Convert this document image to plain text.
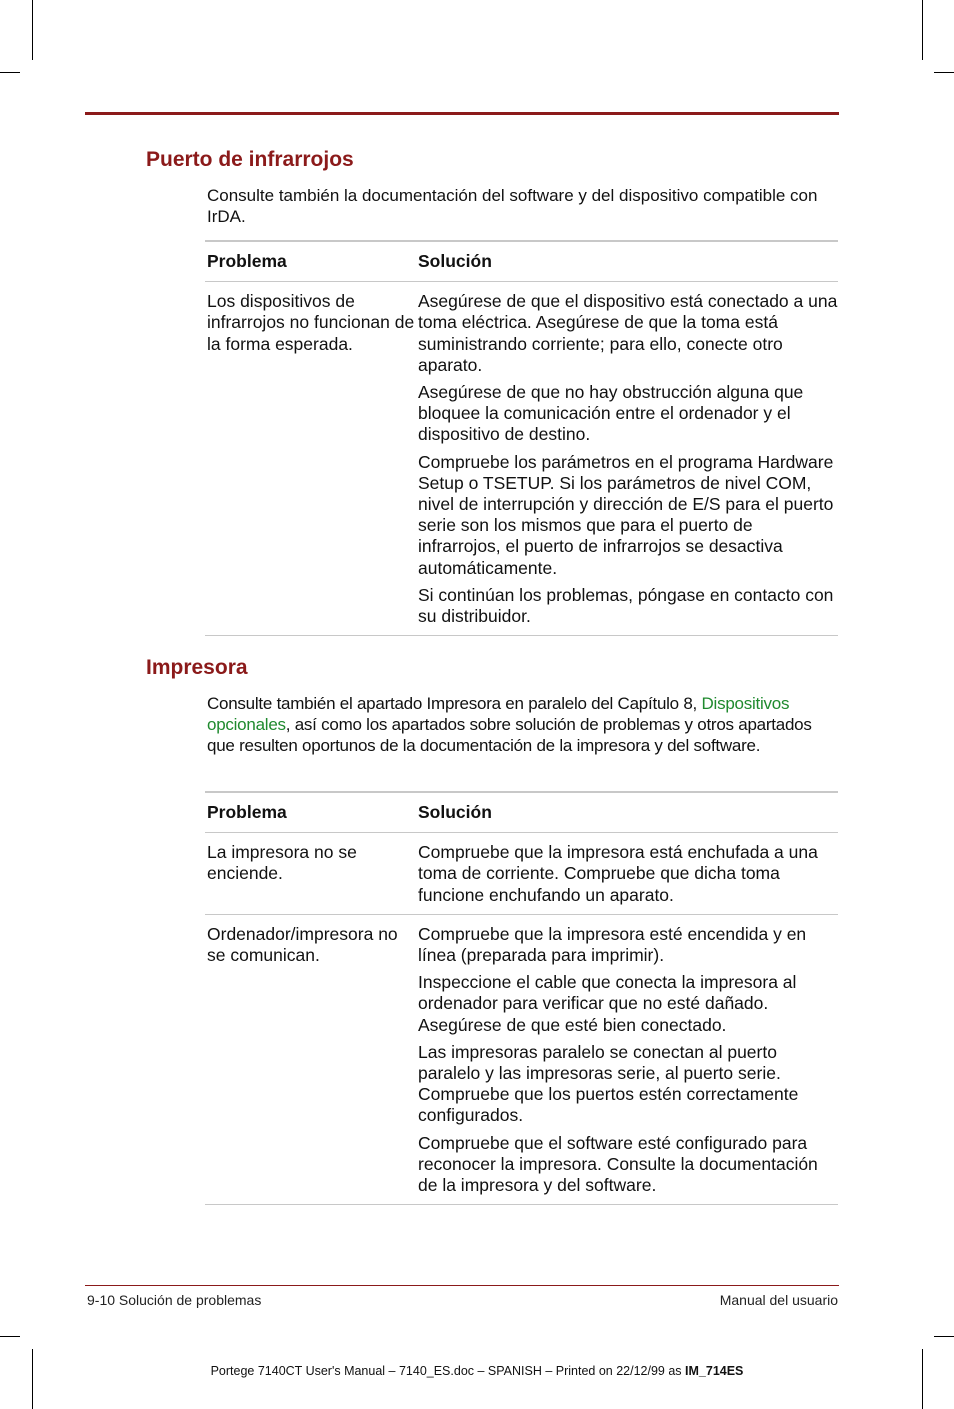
Puerto de infrarrojos
Consulte también la documentación del software y del dispositivo compatible con IrDA.
Problema	Solución
Los dispositivos de infrarrojos no funcionan de la forma esperada.	Asegúrese de que el dispositivo está conectado a una toma eléctrica. Asegúrese de que la toma está suministrando corriente; para ello, conecte otro aparato.

Asegúrese de que no hay obstrucción alguna que bloquee la comunicación entre el ordenador y el dispositivo de destino.

Compruebe los parámetros en el programa Hardware Setup o TSETUP. Si los parámetros de nivel COM, nivel de interrupción y dirección de E/S para el puerto serie son los mismos que para el puerto de infrarrojos, el puerto de infrarrojos se desactiva automáticamente.

Si continúan los problemas, póngase en contacto con su distribuidor.

Impresora
Consulte también el apartado Impresora en paralelo del Capítulo 8, Dispositivos opcionales, así como los apartados sobre solución de problemas y otros apartados que resulten oportunos de la documentación de la impresora y del software.
Problema	Solución
La impresora no se enciende.	Compruebe que la impresora está enchufada a una toma de corriente. Compruebe que dicha toma funcione enchufando un aparato.

Ordenador/impresora no se comunican.	Compruebe que la impresora esté encendida y en línea (preparada para imprimir).

Inspeccione el cable que conecta la impresora al ordenador para verificar que no esté dañado. Asegúrese de que esté bien conectado.

Las impresoras paralelo se conectan al puerto paralelo y las impresoras serie, al puerto serie. Compruebe que los puertos estén correctamente configurados.

Compruebe que el software esté configurado para reconocer la impresora. Consulte la documentación de la impresora y del software.

9-10 Solución de problemas	Manual del usuario
Portege 7140CT User's Manual – 7140_ES.doc – SPANISH – Printed on 22/12/99 as IM_714ES
